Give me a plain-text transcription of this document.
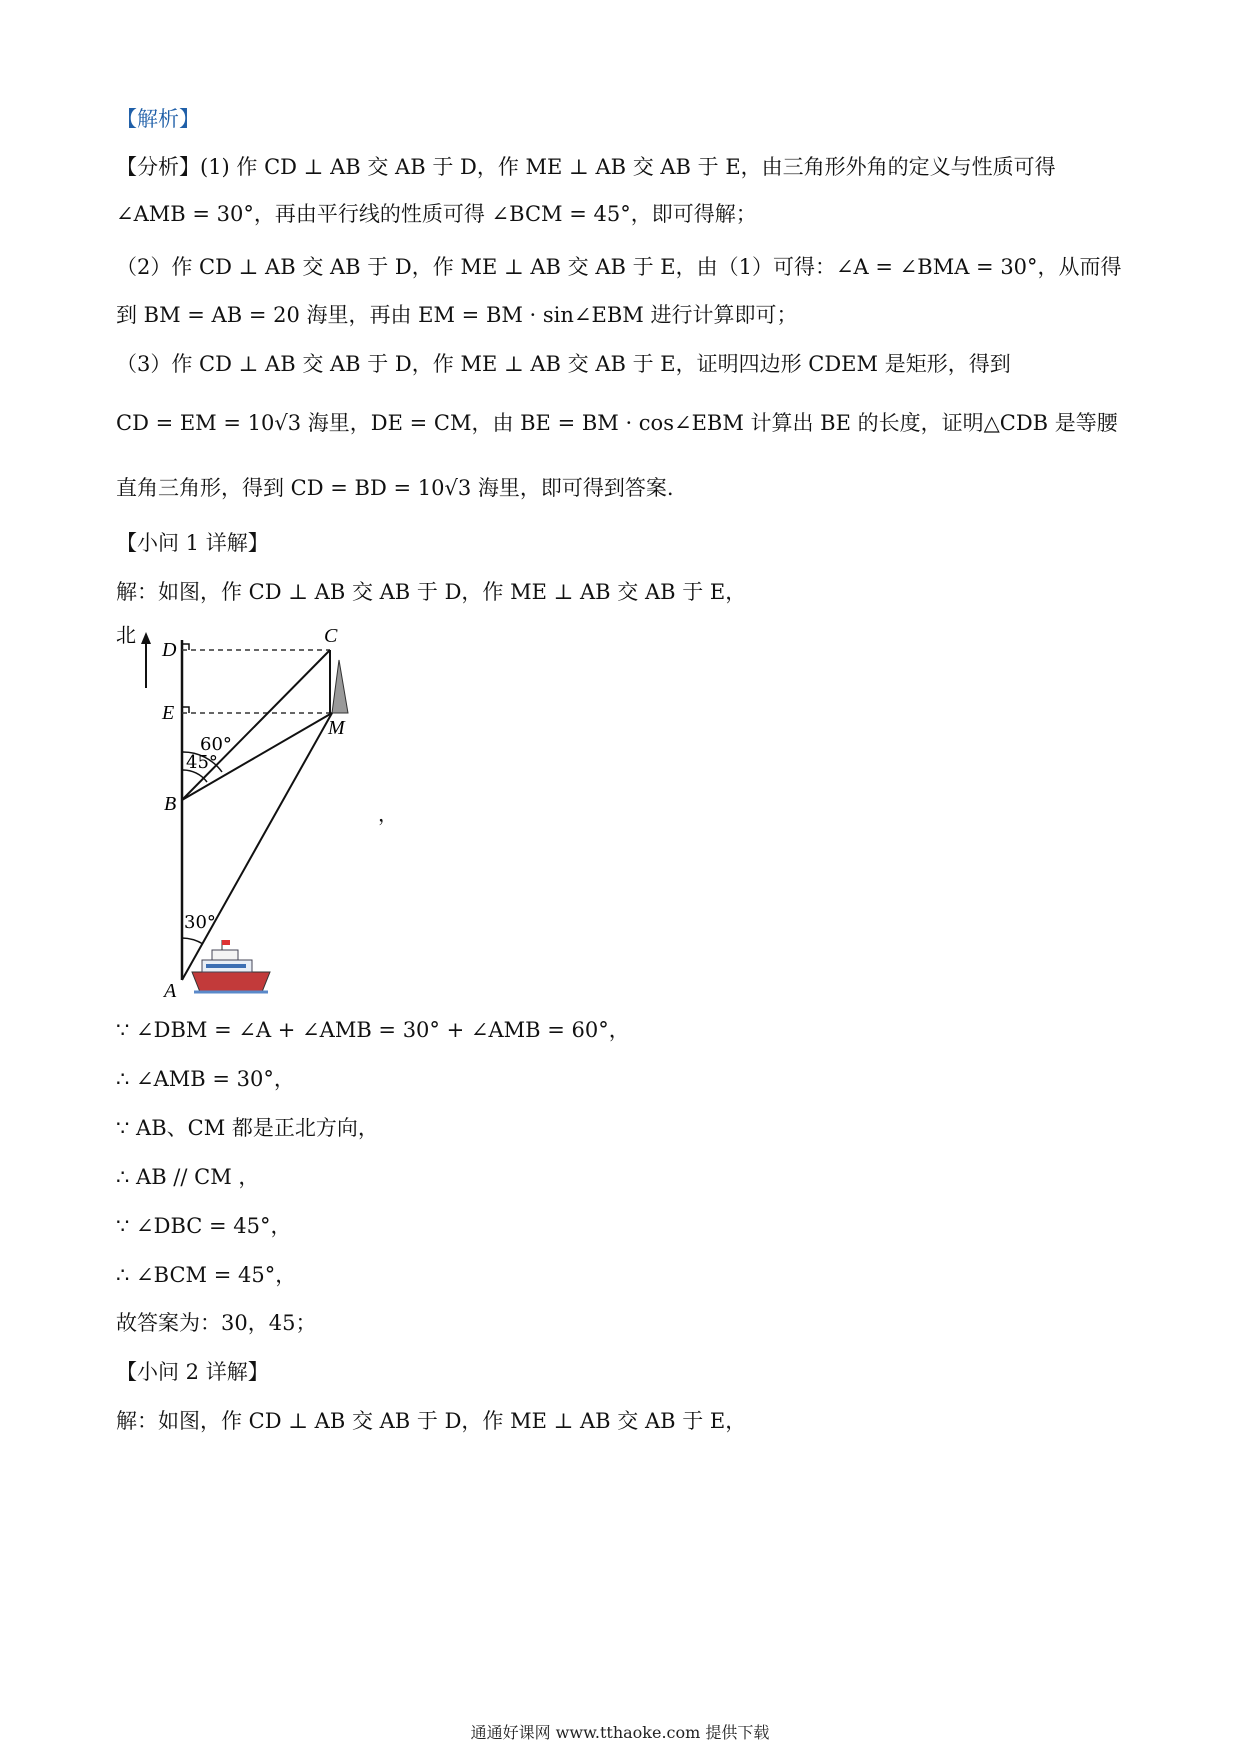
【解析】
【分析】(1) 作 CD ⊥ AB 交 AB 于 D，作 ME ⊥ AB 交 AB 于 E，由三角形外角的定义与性质可得
∠AMB = 30°，再由平行线的性质可得 ∠BCM = 45°，即可得解；
（2）作 CD ⊥ AB 交 AB 于 D，作 ME ⊥ AB 交 AB 于 E，由（1）可得：∠A = ∠BMA = 30°，从而得
到 BM = AB = 20 海里，再由 EM = BM · sin∠EBM 进行计算即可；
（3）作 CD ⊥ AB 交 AB 于 D，作 ME ⊥ AB 交 AB 于 E，证明四边形 CDEM 是矩形，得到
CD = EM = 10√3 海里，DE = CM，由 BE = BM · cos∠EBM 计算出 BE 的长度，证明△CDB 是等腰
直角三角形，得到 CD = BD = 10√3 海里，即可得到答案.
【小问 1 详解】
解：如图，作 CD ⊥ AB 交 AB 于 D，作 ME ⊥ AB 交 AB 于 E，
北
60°
45°
30°
D
E
B
A
C
M
，
∵ ∠DBM = ∠A + ∠AMB = 30° + ∠AMB = 60°，
∴ ∠AMB = 30°，
∵ AB、CM 都是正北方向，
∴ AB // CM ，
∵ ∠DBC = 45°，
∴ ∠BCM = 45°，
故答案为：30，45；
【小问 2 详解】
解：如图，作 CD ⊥ AB 交 AB 于 D，作 ME ⊥ AB 交 AB 于 E，
通通好课网 www.tthaoke.com 提供下载
